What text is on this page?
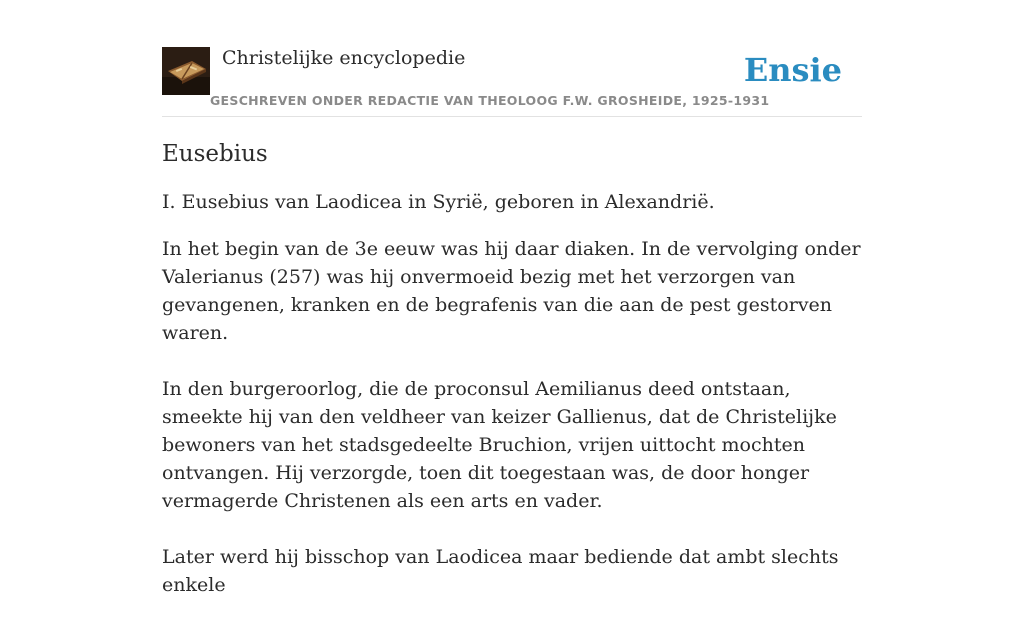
Christelijke encyclopedie
GESCHREVEN ONDER REDACTIE VAN THEOLOOG F.W. GROSHEIDE, 1925-1931
Ensie
Eusebius

I. Eusebius van Laodicea in Syrië, geboren in Alexandrië.

In het begin van de 3e eeuw was hij daar diaken. In de vervolging onder Valerianus (257) was hij onvermoeid bezig met het verzorgen van gevangenen, kranken en de begrafenis van die aan de pest gestorven waren.

In den burgeroorlog, die de proconsul Aemilianus deed ontstaan, smeekte hij van den veldheer van keizer Gallienus, dat de Christelijke bewoners van het stadsgedeelte Bruchion, vrijen uittocht mochten ontvangen. Hij verzorgde, toen dit toegestaan was, de door honger vermagerde Christenen als een arts en vader.

Later werd hij bisschop van Laodicea maar bediende dat ambt slechts enkele
